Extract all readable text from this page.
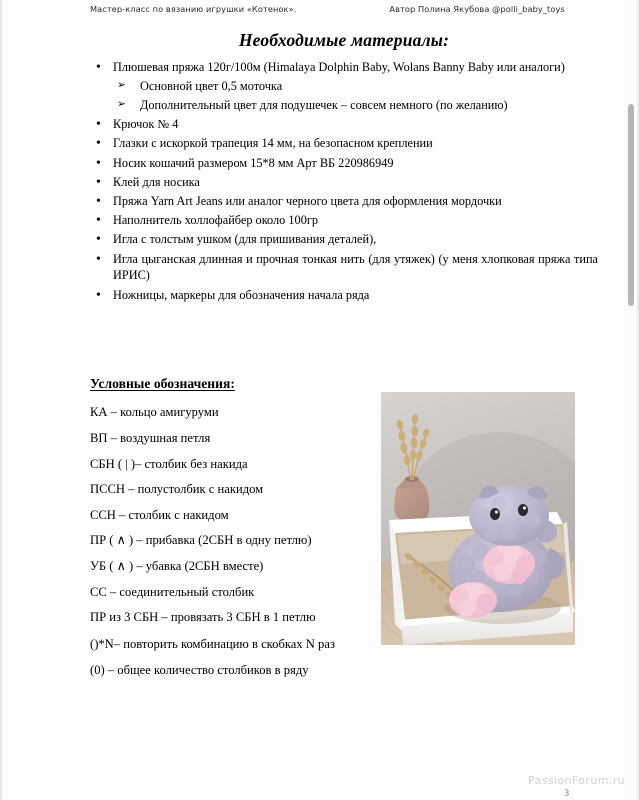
Мастер-класс по вязанию игрушки «Котенок».	Автор Полина Якубова @polli_baby_toys
Необходимые материалы:
• Плюшевая пряжа 120г/100м (Himalaya Dolphin Baby, Wolans Banny Baby или аналоги)
➢ Основной цвет 0,5 моточка
➢ Дополнительный цвет для подушечек – совсем немного (по желанию)
• Крючок № 4
• Глазки с искоркой трапеция 14 мм, на безопасном креплении
• Носик кошачий размером 15*8 мм Арт ВБ 220986949
• Клей для носика
• Пряжа Yarn Art Jeans или аналог черного цвета для оформления мордочки
• Наполнитель холлофайбер около 100гр
• Игла с толстым ушком (для пришивания деталей),
• Игла цыганская длинная и прочная тонкая нить (для утяжек) (у меня хлопковая пряжа типа ИРИС)
• Ножницы, маркеры для обозначения начала ряда
Условные обозначения:
КА – кольцо амигуруми
ВП – воздушная петля
СБН ( | )– столбик без накида
ПССН – полустолбик с накидом
ССН – столбик с накидом
ПР ( ∧ ) – прибавка (2СБН в одну петлю)
УБ ( ∧ ) – убавка (2СБН вместе)
СС – соединительный столбик
ПР из 3 СБН – провязать 3 СБН в 1 петлю
()*N– повторить комбинацию в скобках N раз
(0) – общее количество столбиков в ряду
PassionForum.ru
3
